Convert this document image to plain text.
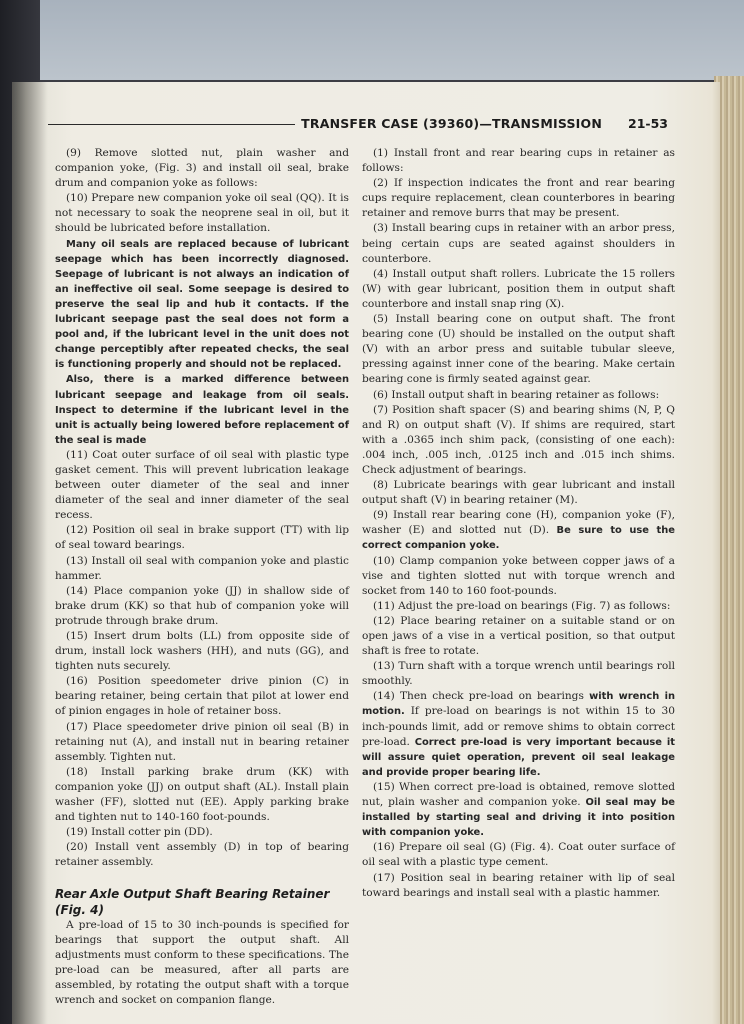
TRANSFER CASE (39360)—TRANSMISSION 21-53

(9) Remove slotted nut, plain washer and companion yoke, (Fig. 3) and install oil seal, brake drum and companion yoke as follows:

(10) Prepare new companion yoke oil seal (QQ). It is not necessary to soak the neoprene seal in oil, but it should be lubricated before installation.

Many oil seals are replaced because of lubricant seepage which has been incorrectly diagnosed. Seepage of lubricant is not always an indication of an ineffective oil seal. Some seepage is desired to preserve the seal lip and hub it contacts. If the lubricant seepage past the seal does not form a pool and, if the lubricant level in the unit does not change perceptibly after repeated checks, the seal is functioning properly and should not be replaced.

Also, there is a marked difference between lubricant seepage and leakage from oil seals. Inspect to determine if the lubricant level in the unit is actually being lowered before replacement of the seal is made

(11) Coat outer surface of oil seal with plastic type gasket cement. This will prevent lubrication leakage between outer diameter of the seal and inner diameter of the seal and inner diameter of the seal recess.

(12) Position oil seal in brake support (TT) with lip of seal toward bearings.

(13) Install oil seal with companion yoke and plastic hammer.

(14) Place companion yoke (JJ) in shallow side of brake drum (KK) so that hub of companion yoke will protrude through brake drum.

(15) Insert drum bolts (LL) from opposite side of drum, install lock washers (HH), and nuts (GG), and tighten nuts securely.

(16) Position speedometer drive pinion (C) in bearing retainer, being certain that pilot at lower end of pinion engages in hole of retainer boss.

(17) Place speedometer drive pinion oil seal (B) in retaining nut (A), and install nut in bearing retainer assembly. Tighten nut.

(18) Install parking brake drum (KK) with companion yoke (JJ) on output shaft (AL). Install plain washer (FF), slotted nut (EE). Apply parking brake and tighten nut to 140-160 foot-pounds.

(19) Install cotter pin (DD).

(20) Install vent assembly (D) in top of bearing retainer assembly.

Rear Axle Output Shaft Bearing Retainer (Fig. 4)

A pre-load of 15 to 30 inch-pounds is specified for bearings that support the output shaft. All adjustments must conform to these specifications. The pre-load can be measured, after all parts are assembled, by rotating the output shaft with a torque wrench and socket on companion flange.

(1) Install front and rear bearing cups in retainer as follows:

(2) If inspection indicates the front and rear bearing cups require replacement, clean counterbores in bearing retainer and remove burrs that may be present.

(3) Install bearing cups in retainer with an arbor press, being certain cups are seated against shoulders in counterbore.

(4) Install output shaft rollers. Lubricate the 15 rollers (W) with gear lubricant, position them in output shaft counterbore and install snap ring (X).

(5) Install bearing cone on output shaft. The front bearing cone (U) should be installed on the output shaft (V) with an arbor press and suitable tubular sleeve, pressing against inner cone of the bearing. Make certain bearing cone is firmly seated against gear.

(6) Install output shaft in bearing retainer as follows:

(7) Position shaft spacer (S) and bearing shims (N, P, Q and R) on output shaft (V). If shims are required, start with a .0365 inch shim pack, (consisting of one each): .004 inch, .005 inch, .0125 inch and .015 inch shims. Check adjustment of bearings.

(8) Lubricate bearings with gear lubricant and install output shaft (V) in bearing retainer (M).

(9) Install rear bearing cone (H), companion yoke (F), washer (E) and slotted nut (D). Be sure to use the correct companion yoke.

(10) Clamp companion yoke between copper jaws of a vise and tighten slotted nut with torque wrench and socket from 140 to 160 foot-pounds.

(11) Adjust the pre-load on bearings (Fig. 7) as follows:

(12) Place bearing retainer on a suitable stand or on open jaws of a vise in a vertical position, so that output shaft is free to rotate.

(13) Turn shaft with a torque wrench until bearings roll smoothly.

(14) Then check pre-load on bearings with wrench in motion. If pre-load on bearings is not within 15 to 30 inch-pounds limit, add or remove shims to obtain correct pre-load. Correct pre-load is very important because it will assure quiet operation, prevent oil seal leakage and provide proper bearing life.

(15) When correct pre-load is obtained, remove slotted nut, plain washer and companion yoke. Oil seal may be installed by starting seal and driving it into position with companion yoke.

(16) Prepare oil seal (G) (Fig. 4). Coat outer surface of oil seal with a plastic type cement.

(17) Position seal in bearing retainer with lip of seal toward bearings and install seal with a plastic hammer.
